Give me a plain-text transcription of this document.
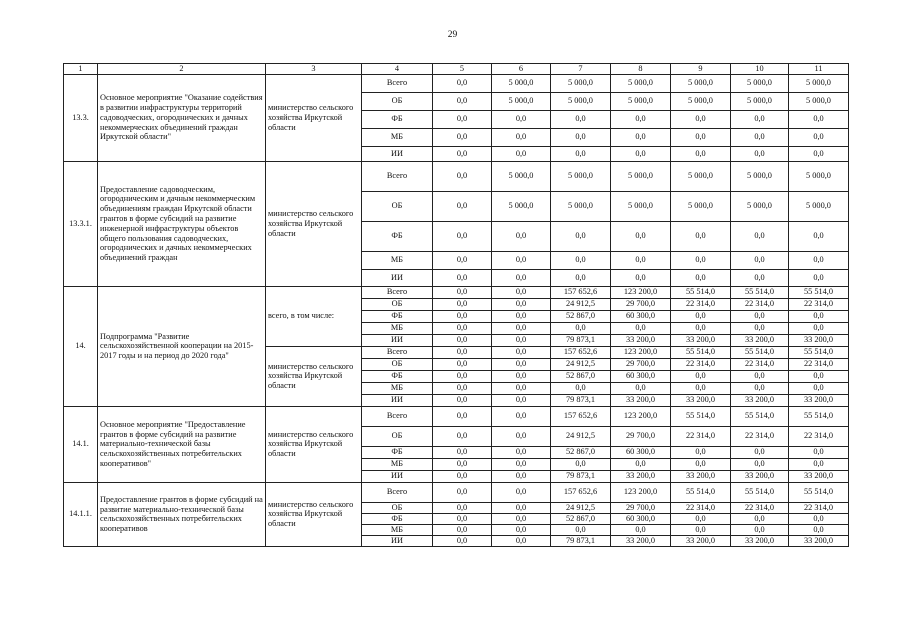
29
1	2	3	4	5	6	7	8	9	10	11
13.3.	Основное мероприятие "Оказание содействия в развитии инфраструктуры территорий садоводческих, огороднических и дачных некоммерческих объединений граждан Иркутской области"	министерство сельского хозяйства Иркутской области	Всего	0,0	5 000,0	5 000,0	5 000,0	5 000,0	5 000,0	5 000,0
			ОБ	0,0	5 000,0	5 000,0	5 000,0	5 000,0	5 000,0	5 000,0
			ФБ	0,0	0,0	0,0	0,0	0,0	0,0	0,0
			МБ	0,0	0,0	0,0	0,0	0,0	0,0	0,0
			ИИ	0,0	0,0	0,0	0,0	0,0	0,0	0,0
13.3.1.	Предоставление садоводческим, огородническим и дачным некоммерческим объединениям граждан Иркутской области грантов в форме субсидий на развитие инженерной инфраструктуры объектов общего пользования садоводческих, огороднических и дачных некоммерческих объединений граждан	министерство сельского хозяйства Иркутской области	Всего	0,0	5 000,0	5 000,0	5 000,0	5 000,0	5 000,0	5 000,0
			ОБ	0,0	5 000,0	5 000,0	5 000,0	5 000,0	5 000,0	5 000,0
			ФБ	0,0	0,0	0,0	0,0	0,0	0,0	0,0
			МБ	0,0	0,0	0,0	0,0	0,0	0,0	0,0
			ИИ	0,0	0,0	0,0	0,0	0,0	0,0	0,0
14.	Подпрограмма "Развитие сельскохозяйственной кооперации на 2015-2017 годы и на период до 2020 года"	всего, в том числе:	Всего	0,0	0,0	157 652,6	123 200,0	55 514,0	55 514,0	55 514,0
			ОБ	0,0	0,0	24 912,5	29 700,0	22 314,0	22 314,0	22 314,0
			ФБ	0,0	0,0	52 867,0	60 300,0	0,0	0,0	0,0
			МБ	0,0	0,0	0,0	0,0	0,0	0,0	0,0
			ИИ	0,0	0,0	79 873,1	33 200,0	33 200,0	33 200,0	33 200,0
		министерство сельского хозяйства Иркутской области	Всего	0,0	0,0	157 652,6	123 200,0	55 514,0	55 514,0	55 514,0
			ОБ	0,0	0,0	24 912,5	29 700,0	22 314,0	22 314,0	22 314,0
			ФБ	0,0	0,0	52 867,0	60 300,0	0,0	0,0	0,0
			МБ	0,0	0,0	0,0	0,0	0,0	0,0	0,0
			ИИ	0,0	0,0	79 873,1	33 200,0	33 200,0	33 200,0	33 200,0
14.1.	Основное мероприятие "Предоставление грантов в форме субсидий на развитие материально-технической базы сельскохозяйственных потребительских кооперативов"	министерство сельского хозяйства Иркутской области	Всего	0,0	0,0	157 652,6	123 200,0	55 514,0	55 514,0	55 514,0
			ОБ	0,0	0,0	24 912,5	29 700,0	22 314,0	22 314,0	22 314,0
			ФБ	0,0	0,0	52 867,0	60 300,0	0,0	0,0	0,0
			МБ	0,0	0,0	0,0	0,0	0,0	0,0	0,0
			ИИ	0,0	0,0	79 873,1	33 200,0	33 200,0	33 200,0	33 200,0
14.1.1.	Предоставление грантов в форме субсидий на развитие материально-технической базы сельскохозяйственных потребительских кооперативов	министерство сельского хозяйства Иркутской области	Всего	0,0	0,0	157 652,6	123 200,0	55 514,0	55 514,0	55 514,0
			ОБ	0,0	0,0	24 912,5	29 700,0	22 314,0	22 314,0	22 314,0
			ФБ	0,0	0,0	52 867,0	60 300,0	0,0	0,0	0,0
			МБ	0,0	0,0	0,0	0,0	0,0	0,0	0,0
			ИИ	0,0	0,0	79 873,1	33 200,0	33 200,0	33 200,0	33 200,0
